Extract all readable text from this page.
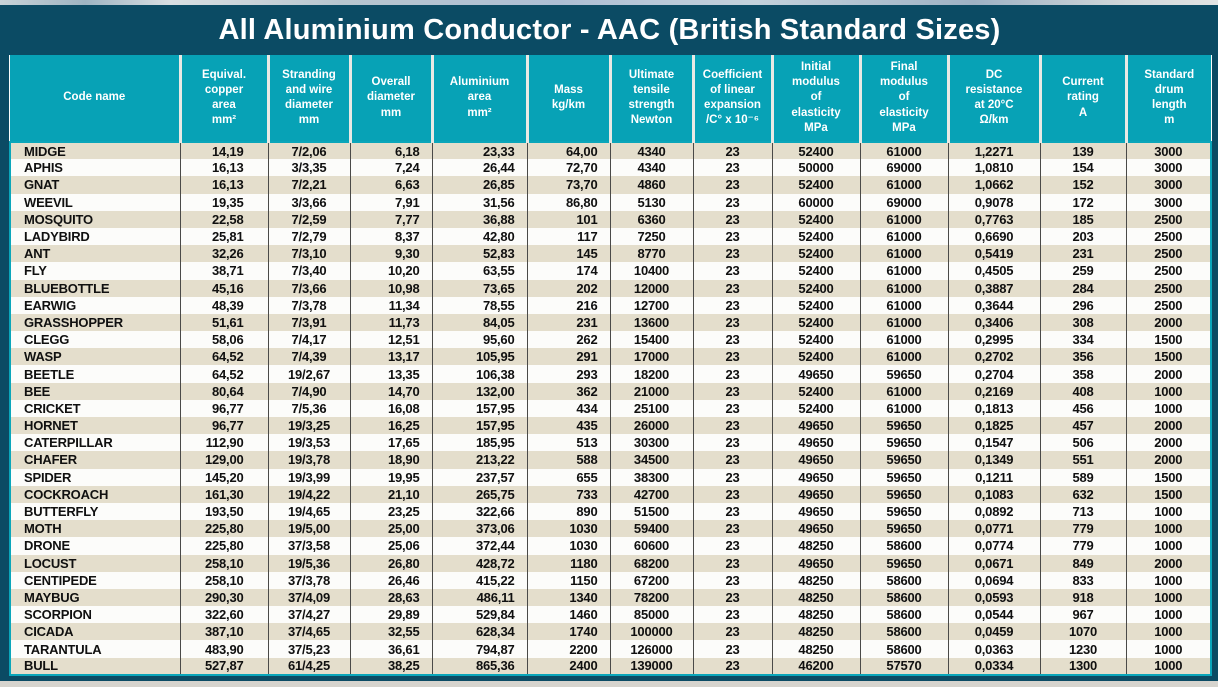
All Aluminium Conductor - AAC (British Standard Sizes)
Code name	Equival.
copper
area
mm²	Stranding
and wire
diameter
mm	Overall
diameter
mm	Aluminium
area
mm²	Mass
kg/km	Ultimate
tensile
strength
Newton	Coefficient
of linear
expansion
/C° x 10⁻⁶	Initial
modulus
of
elasticity
MPa	Final
modulus
of
elasticity
MPa	DC
resistance
at 20°C
Ω/km	Current
rating
A	Standard
drum
length
m
MIDGE	14,19	7/2,06	6,18	23,33	64,00	4340	23	52400	61000	1,2271	139	3000
APHIS	16,13	3/3,35	7,24	26,44	72,70	4340	23	50000	69000	1,0810	154	3000
GNAT	16,13	7/2,21	6,63	26,85	73,70	4860	23	52400	61000	1,0662	152	3000
WEEVIL	19,35	3/3,66	7,91	31,56	86,80	5130	23	60000	69000	0,9078	172	3000
MOSQUITO	22,58	7/2,59	7,77	36,88	101	6360	23	52400	61000	0,7763	185	2500
LADYBIRD	25,81	7/2,79	8,37	42,80	117	7250	23	52400	61000	0,6690	203	2500
ANT	32,26	7/3,10	9,30	52,83	145	8770	23	52400	61000	0,5419	231	2500
FLY	38,71	7/3,40	10,20	63,55	174	10400	23	52400	61000	0,4505	259	2500
BLUEBOTTLE	45,16	7/3,66	10,98	73,65	202	12000	23	52400	61000	0,3887	284	2500
EARWIG	48,39	7/3,78	11,34	78,55	216	12700	23	52400	61000	0,3644	296	2500
GRASSHOPPER	51,61	7/3,91	11,73	84,05	231	13600	23	52400	61000	0,3406	308	2000
CLEGG	58,06	7/4,17	12,51	95,60	262	15400	23	52400	61000	0,2995	334	1500
WASP	64,52	7/4,39	13,17	105,95	291	17000	23	52400	61000	0,2702	356	1500
BEETLE	64,52	19/2,67	13,35	106,38	293	18200	23	49650	59650	0,2704	358	2000
BEE	80,64	7/4,90	14,70	132,00	362	21000	23	52400	61000	0,2169	408	1000
CRICKET	96,77	7/5,36	16,08	157,95	434	25100	23	52400	61000	0,1813	456	1000
HORNET	96,77	19/3,25	16,25	157,95	435	26000	23	49650	59650	0,1825	457	2000
CATERPILLAR	112,90	19/3,53	17,65	185,95	513	30300	23	49650	59650	0,1547	506	2000
CHAFER	129,00	19/3,78	18,90	213,22	588	34500	23	49650	59650	0,1349	551	2000
SPIDER	145,20	19/3,99	19,95	237,57	655	38300	23	49650	59650	0,1211	589	1500
COCKROACH	161,30	19/4,22	21,10	265,75	733	42700	23	49650	59650	0,1083	632	1500
BUTTERFLY	193,50	19/4,65	23,25	322,66	890	51500	23	49650	59650	0,0892	713	1000
MOTH	225,80	19/5,00	25,00	373,06	1030	59400	23	49650	59650	0,0771	779	1000
DRONE	225,80	37/3,58	25,06	372,44	1030	60600	23	48250	58600	0,0774	779	1000
LOCUST	258,10	19/5,36	26,80	428,72	1180	68200	23	49650	59650	0,0671	849	2000
CENTIPEDE	258,10	37/3,78	26,46	415,22	1150	67200	23	48250	58600	0,0694	833	1000
MAYBUG	290,30	37/4,09	28,63	486,11	1340	78200	23	48250	58600	0,0593	918	1000
SCORPION	322,60	37/4,27	29,89	529,84	1460	85000	23	48250	58600	0,0544	967	1000
CICADA	387,10	37/4,65	32,55	628,34	1740	100000	23	48250	58600	0,0459	1070	1000
TARANTULA	483,90	37/5,23	36,61	794,87	2200	126000	23	48250	58600	0,0363	1230	1000
BULL	527,87	61/4,25	38,25	865,36	2400	139000	23	46200	57570	0,0334	1300	1000
